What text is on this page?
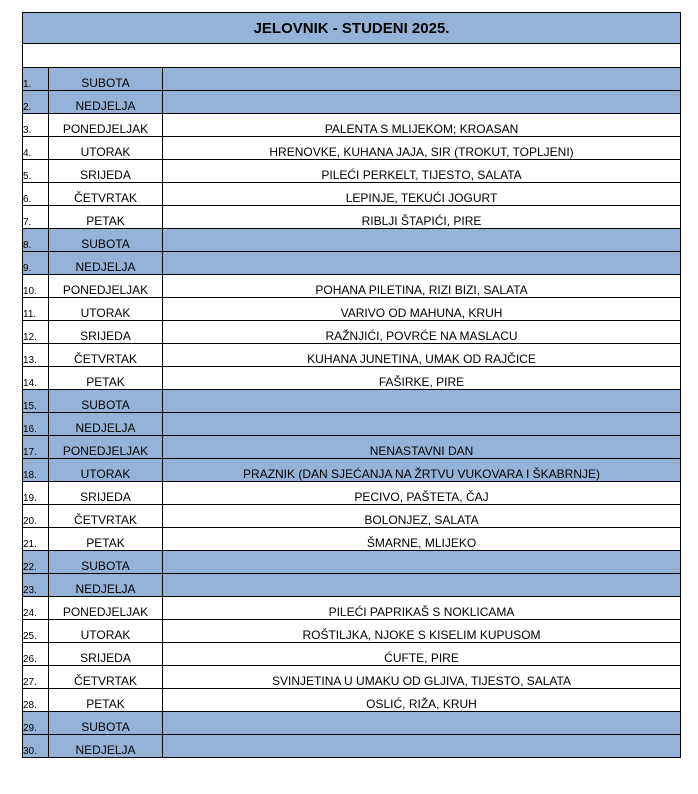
JELOVNIK - STUDENI 2025.		

1.	SUBOTA	
2.	NEDJELJA	
3.	PONEDJELJAK	PALENTA S MLIJEKOM; KROASAN
4.	UTORAK	HRENOVKE, KUHANA JAJA, SIR (TROKUT, TOPLJENI)
5.	SRIJEDA	PILEĆI PERKELT, TIJESTO, SALATA
6.	ČETVRTAK	LEPINJE, TEKUĆI JOGURT
7.	PETAK	RIBLJI ŠTAPIĆI, PIRE
8.	SUBOTA	
9.	NEDJELJA	
10.	PONEDJELJAK	POHANA PILETINA, RIZI BIZI, SALATA
11.	UTORAK	VARIVO OD MAHUNA, KRUH
12.	SRIJEDA	RAŽNJIĆI, POVRĆE NA MASLACU
13.	ČETVRTAK	KUHANA JUNETINA, UMAK OD RAJČICE
14.	PETAK	FAŠIRKE, PIRE
15.	SUBOTA	
16.	NEDJELJA	
17.	PONEDJELJAK	NENASTAVNI DAN
18.	UTORAK	PRAZNIK (DAN SJEĆANJA NA ŽRTVU VUKOVARA I ŠKABRNJE)
19.	SRIJEDA	PECIVO, PAŠTETA, ČAJ
20.	ČETVRTAK	BOLONJEZ, SALATA
21.	PETAK	ŠMARNE, MLIJEKO
22.	SUBOTA	
23.	NEDJELJA	
24.	PONEDJELJAK	PILEĆI PAPRIKAŠ S NOKLICAMA
25.	UTORAK	ROŠTILJKA, NJOKE S KISELIM KUPUSOM
26.	SRIJEDA	ĆUFTE, PIRE
27.	ČETVRTAK	SVINJETINA U UMAKU OD GLJIVA, TIJESTO, SALATA
28.	PETAK	OSLIĆ, RIŽA, KRUH
29.	SUBOTA	
30.	NEDJELJA	
